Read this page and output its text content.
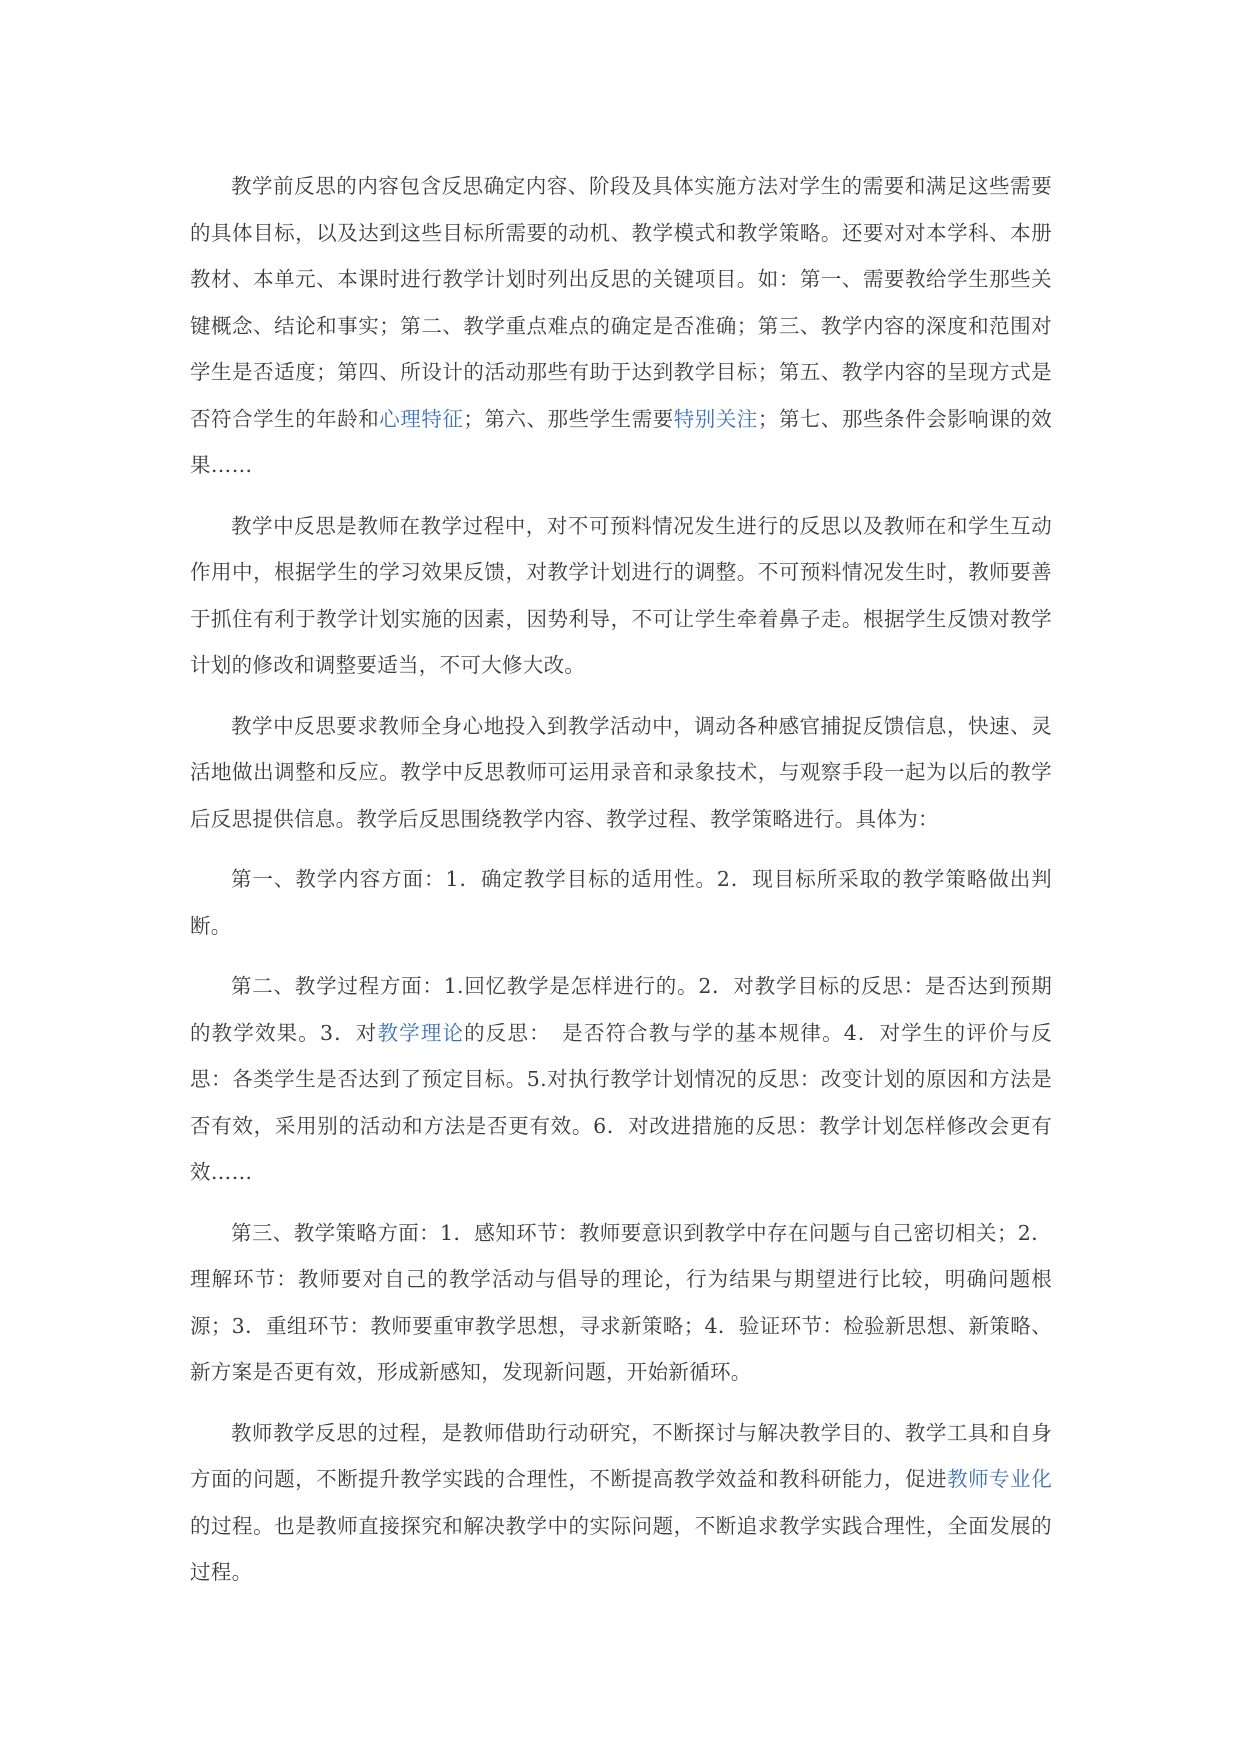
教学前反思的内容包含反思确定内容、阶段及具体实施方法对学生的需要和满足这些需要的具体目标，以及达到这些目标所需要的动机、教学模式和教学策略。还要对对本学科、本册教材、本单元、本课时进行教学计划时列出反思的关键项目。如：第一、需要教给学生那些关键概念、结论和事实；第二、教学重点难点的确定是否准确；第三、教学内容的深度和范围对学生是否适度；第四、所设计的活动那些有助于达到教学目标；第五、教学内容的呈现方式是否符合学生的年龄和心理特征；第六、那些学生需要特别关注；第七、那些条件会影响课的效果……

教学中反思是教师在教学过程中，对不可预料情况发生进行的反思以及教师在和学生互动作用中，根据学生的学习效果反馈，对教学计划进行的调整。不可预料情况发生时，教师要善于抓住有利于教学计划实施的因素，因势利导，不可让学生牵着鼻子走。根据学生反馈对教学计划的修改和调整要适当，不可大修大改。

教学中反思要求教师全身心地投入到教学活动中，调动各种感官捕捉反馈信息，快速、灵活地做出调整和反应。教学中反思教师可运用录音和录象技术，与观察手段一起为以后的教学后反思提供信息。教学后反思围绕教学内容、教学过程、教学策略进行。具体为：

第一、教学内容方面：1．确定教学目标的适用性。2．现目标所采取的教学策略做出判断。

第二、教学过程方面：1.回忆教学是怎样进行的。2．对教学目标的反思：是否达到预期的教学效果。3．对教学理论的反思：　是否符合教与学的基本规律。4．对学生的评价与反思：各类学生是否达到了预定目标。5.对执行教学计划情况的反思：改变计划的原因和方法是否有效，采用别的活动和方法是否更有效。6．对改进措施的反思：教学计划怎样修改会更有效……

第三、教学策略方面：1．感知环节：教师要意识到教学中存在问题与自己密切相关；2．理解环节：教师要对自己的教学活动与倡导的理论，行为结果与期望进行比较，明确问题根源；3．重组环节：教师要重审教学思想，寻求新策略；4．验证环节：检验新思想、新策略、新方案是否更有效，形成新感知，发现新问题，开始新循环。

教师教学反思的过程，是教师借助行动研究，不断探讨与解决教学目的、教学工具和自身方面的问题，不断提升教学实践的合理性，不断提高教学效益和教科研能力，促进教师专业化的过程。也是教师直接探究和解决教学中的实际问题，不断追求教学实践合理性，全面发展的过程。
